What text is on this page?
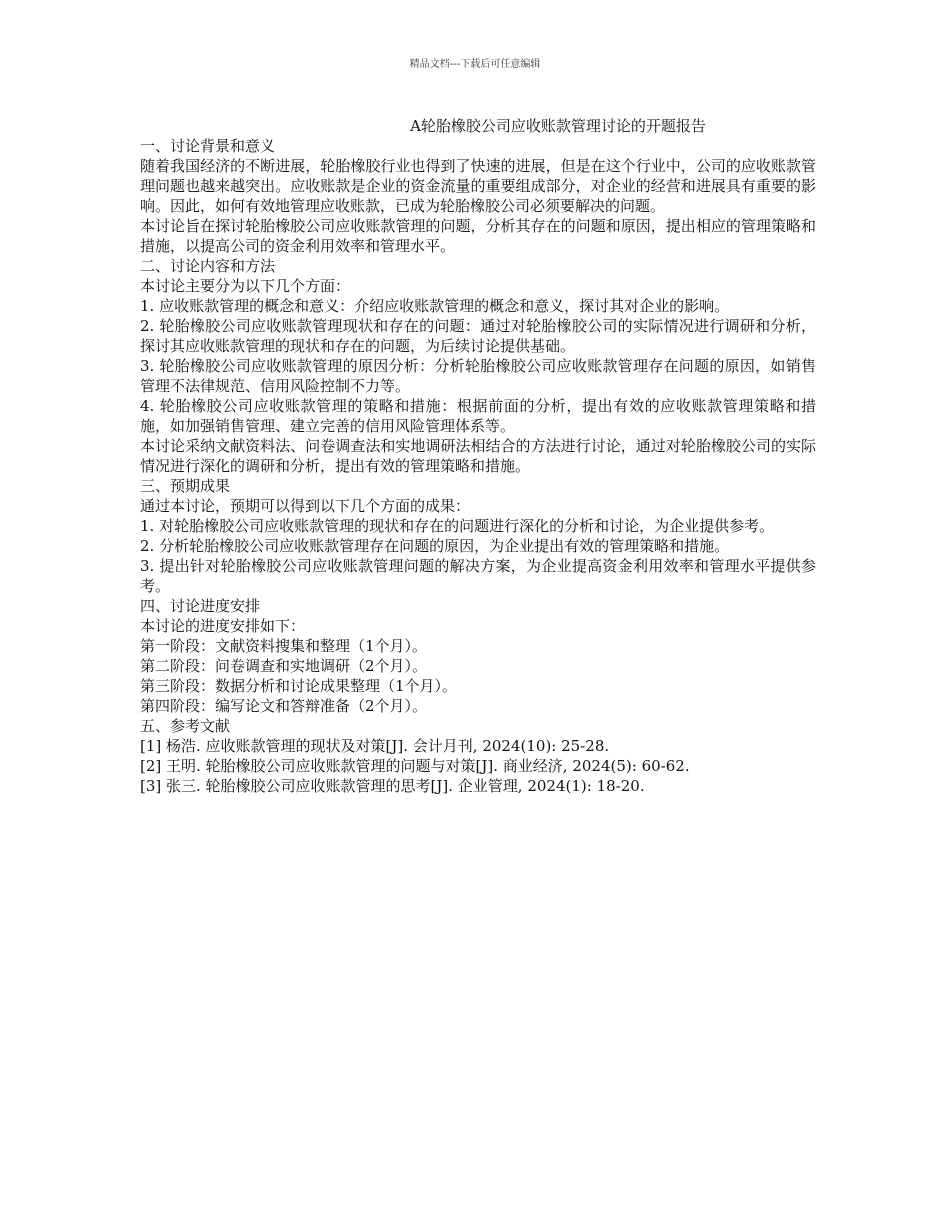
精品文档---下载后可任意编辑
A轮胎橡胶公司应收账款管理讨论的开题报告

一、讨论背景和意义

随着我国经济的不断进展，轮胎橡胶行业也得到了快速的进展，但是在这个行业中，公司的应收账款管理问题也越来越突出。应收账款是企业的资金流量的重要组成部分，对企业的经营和进展具有重要的影响。因此，如何有效地管理应收账款，已成为轮胎橡胶公司必须要解决的问题。

本讨论旨在探讨轮胎橡胶公司应收账款管理的问题，分析其存在的问题和原因，提出相应的管理策略和措施，以提高公司的资金利用效率和管理水平。

二、讨论内容和方法

本讨论主要分为以下几个方面：

1. 应收账款管理的概念和意义：介绍应收账款管理的概念和意义，探讨其对企业的影响。

2. 轮胎橡胶公司应收账款管理现状和存在的问题：通过对轮胎橡胶公司的实际情况进行调研和分析，探讨其应收账款管理的现状和存在的问题，为后续讨论提供基础。

3. 轮胎橡胶公司应收账款管理的原因分析：分析轮胎橡胶公司应收账款管理存在问题的原因，如销售管理不法律规范、信用风险控制不力等。

4. 轮胎橡胶公司应收账款管理的策略和措施：根据前面的分析，提出有效的应收账款管理策略和措施，如加强销售管理、建立完善的信用风险管理体系等。

本讨论采纳文献资料法、问卷调查法和实地调研法相结合的方法进行讨论，通过对轮胎橡胶公司的实际情况进行深化的调研和分析，提出有效的管理策略和措施。

三、预期成果

通过本讨论，预期可以得到以下几个方面的成果：

1. 对轮胎橡胶公司应收账款管理的现状和存在的问题进行深化的分析和讨论，为企业提供参考。

2. 分析轮胎橡胶公司应收账款管理存在问题的原因，为企业提出有效的管理策略和措施。

3. 提出针对轮胎橡胶公司应收账款管理问题的解决方案，为企业提高资金利用效率和管理水平提供参考。

四、讨论进度安排

本讨论的进度安排如下：

第一阶段：文献资料搜集和整理（1个月）。

第二阶段：问卷调查和实地调研（2个月）。

第三阶段：数据分析和讨论成果整理（1个月）。

第四阶段：编写论文和答辩准备（2个月）。

五、参考文献

[1] 杨浩. 应收账款管理的现状及对策[J]. 会计月刊, 2024(10): 25-28.

[2] 王明. 轮胎橡胶公司应收账款管理的问题与对策[J]. 商业经济, 2024(5): 60-62.

[3] 张三. 轮胎橡胶公司应收账款管理的思考[J]. 企业管理, 2024(1): 18-20.
